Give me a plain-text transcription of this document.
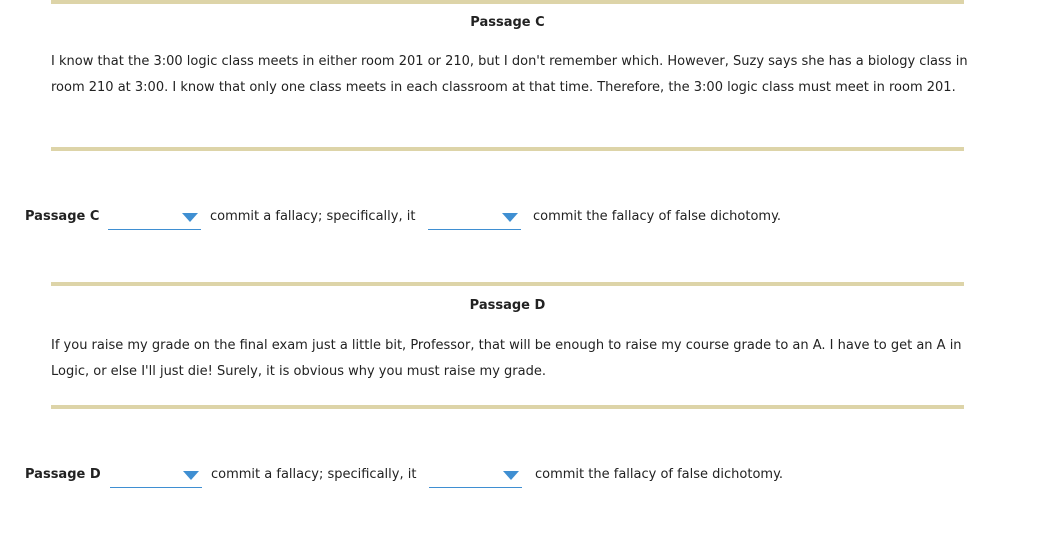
Passage C
I know that the 3:00 logic class meets in either room 201 or 210, but I don't remember which. However, Suzy says she has a biology class in room 210 at 3:00. I know that only one class meets in each classroom at that time. Therefore, the 3:00 logic class must meet in room 201.
Passage C	commit a fallacy; specifically, it	commit the fallacy of false dichotomy.
Passage D
If you raise my grade on the final exam just a little bit, Professor, that will be enough to raise my course grade to an A. I have to get an A in Logic, or else I'll just die! Surely, it is obvious why you must raise my grade.
Passage D	commit a fallacy; specifically, it	commit the fallacy of false dichotomy.
